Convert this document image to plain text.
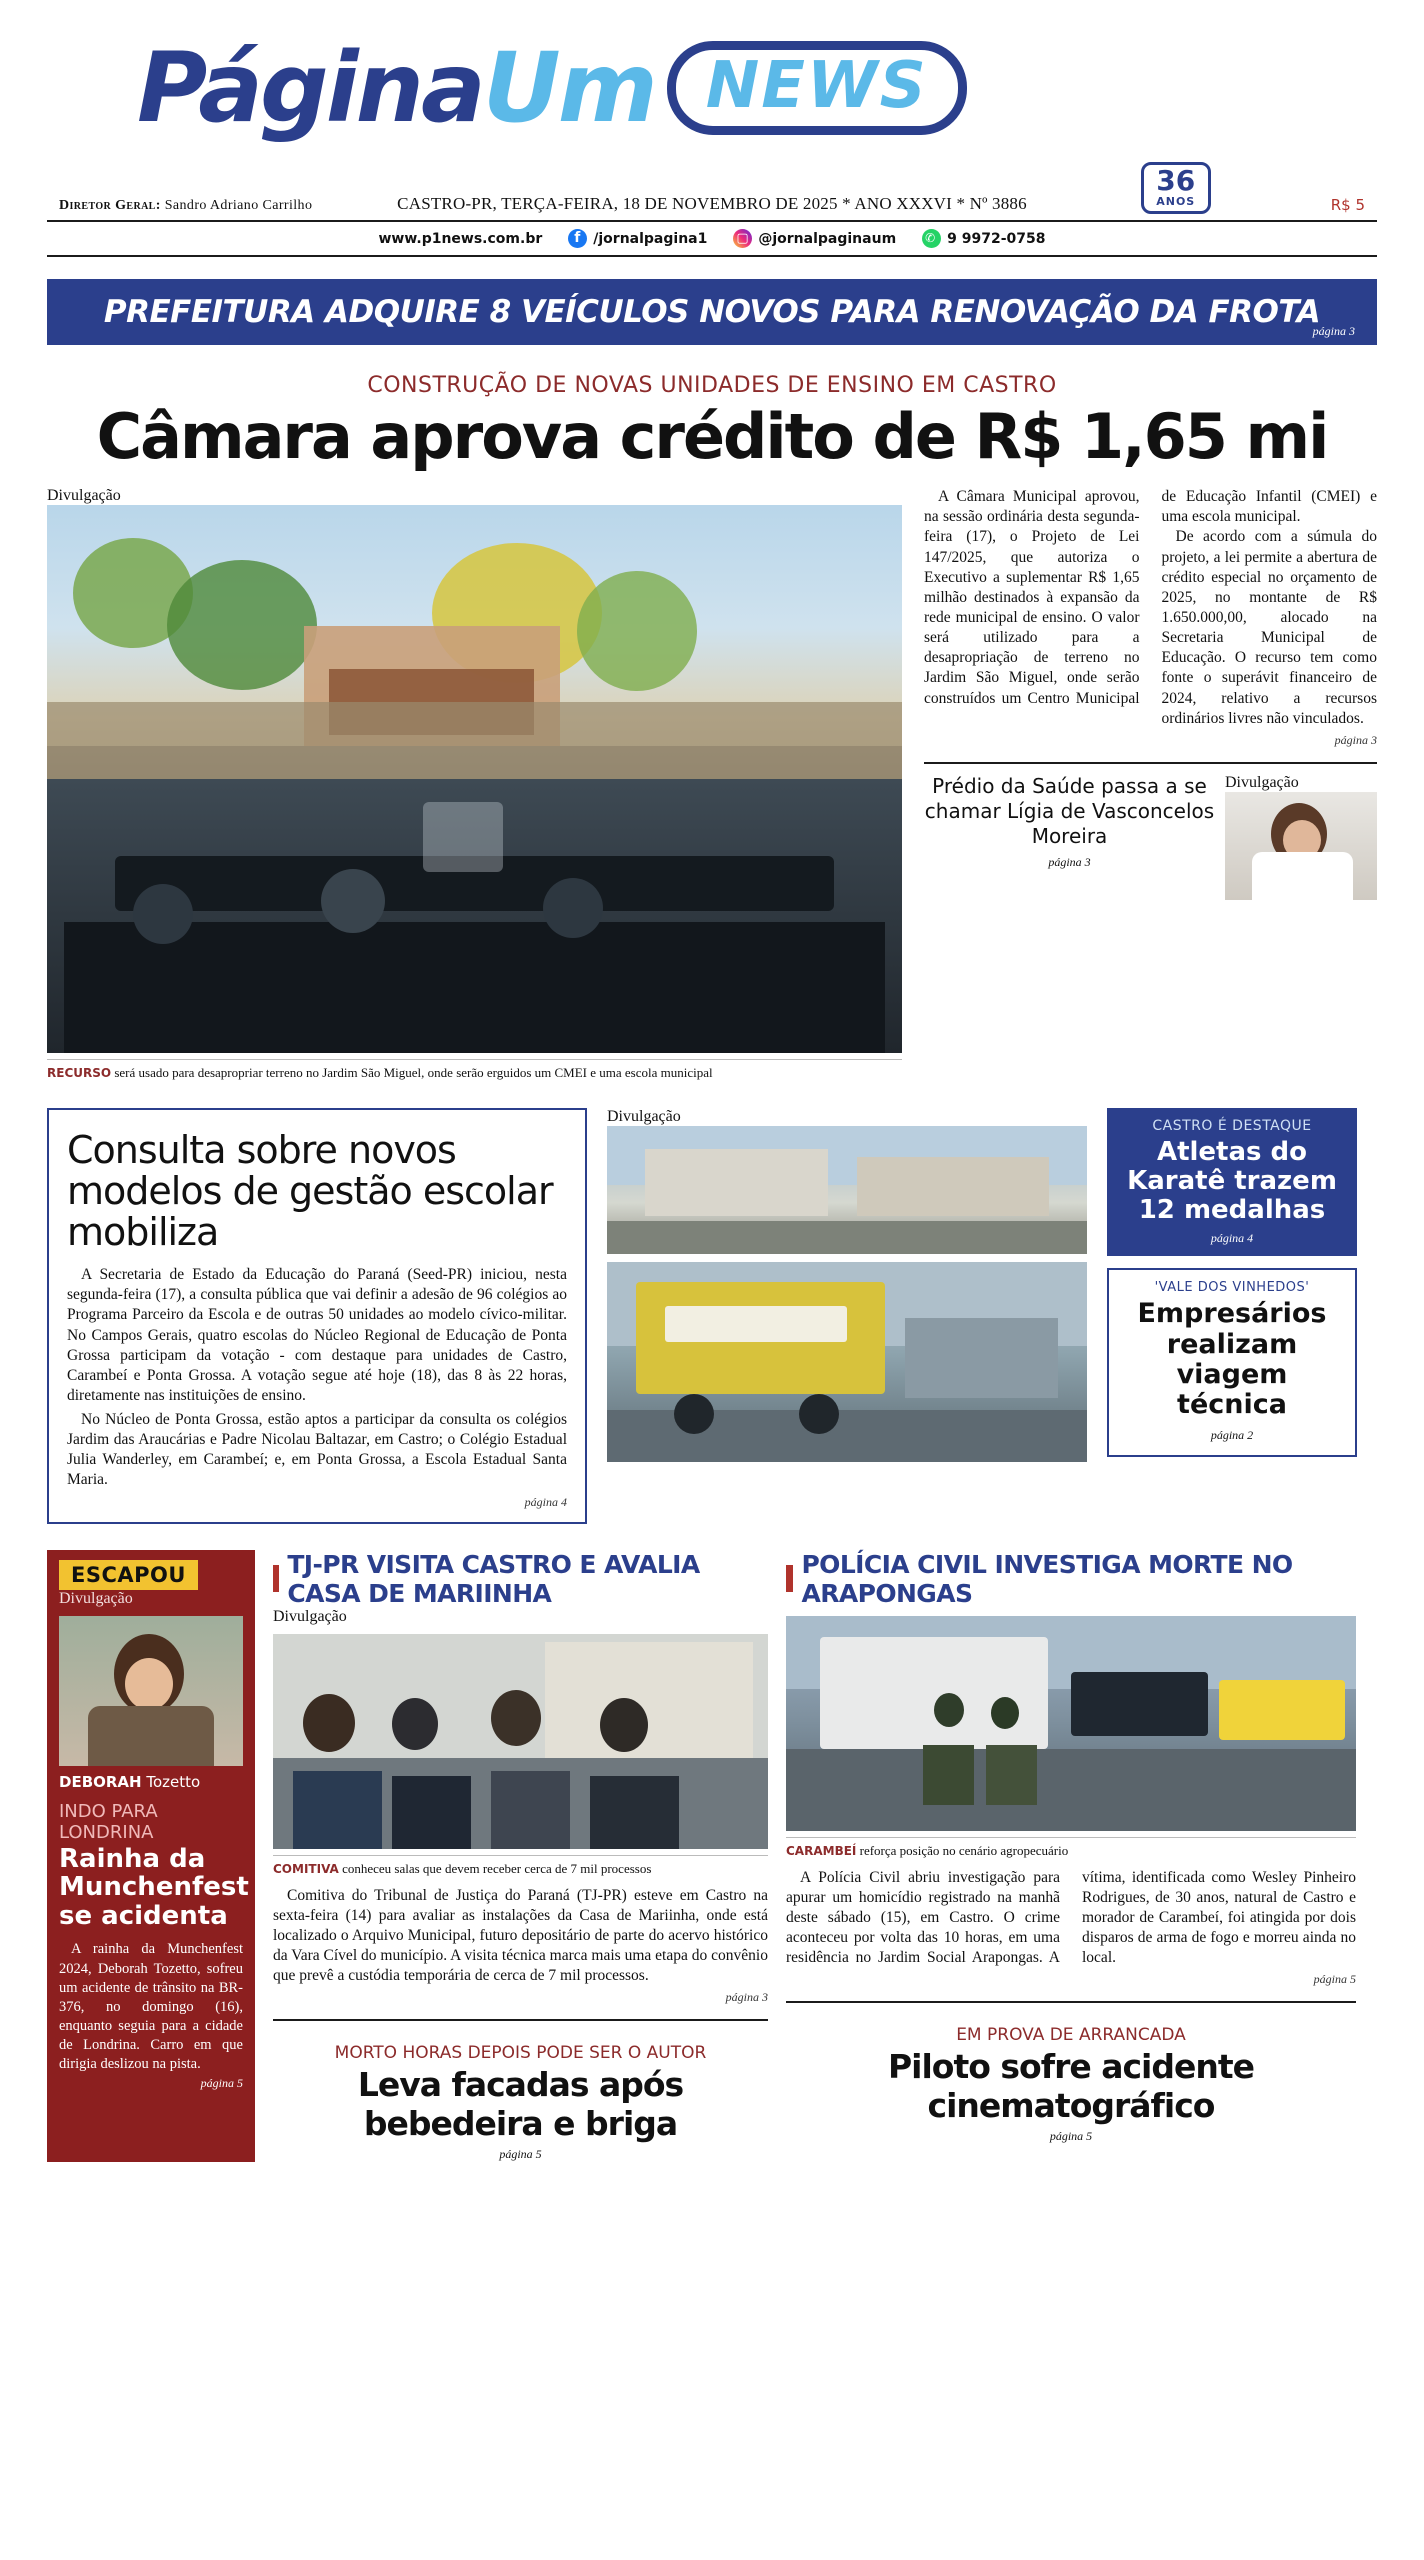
PáginaUm NEWS
Diretor Geral: Sandro Adriano Carrilho	CASTRO-PR, TERÇA-FEIRA, 18 DE NOVEMBRO DE 2025 * ANO XXXVI * Nº 3886
36
ANOS	R$ 5
www.p1news.com.br f	/jornalpagina1 ▢	@jornalpaginaum ✆	9 9972-0758
PREFEITURA ADQUIRE 8 VEÍCULOS NOVOS PARA RENOVAÇÃO DA FROTA
página 3
CONSTRUÇÃO DE NOVAS UNIDADES DE ENSINO EM CASTRO
Câmara aprova crédito de R$ 1,65 mi
Divulgação
RECURSO será usado para desapropriar terreno no Jardim São Miguel, onde serão erguidos um CMEI e uma escola municipal

A Câmara Municipal aprovou, na sessão ordinária desta segunda-feira (17), o Projeto de Lei 147/2025, que autoriza o Executivo a suplementar R$ 1,65 milhão destinados à expansão da rede municipal de ensino. O valor será utilizado para a desapropriação de terreno no Jardim São Miguel, onde serão construídos um Centro Municipal de Educação Infantil (CMEI) e uma escola municipal.

De acordo com a súmula do projeto, a lei permite a abertura de crédito especial no orçamento de 2025, no montante de R$ 1.650.000,00, alocado na Secretaria Municipal de Educação. O recurso tem como fonte o superávit financeiro de 2024, relativo a recursos ordinários livres não vinculados.

página 3
Prédio da Saúde passa a se chamar Lígia de Vasconcelos Moreira
página 3
Divulgação
Consulta sobre novos modelos de gestão escolar mobiliza

A Secretaria de Estado da Educação do Paraná (Seed-PR) iniciou, nesta segunda-feira (17), a consulta pública que vai definir a adesão de 96 colégios ao Programa Parceiro da Escola e de outras 50 unidades ao modelo cívico-militar. No Campos Gerais, quatro escolas do Núcleo Regional de Educação de Ponta Grossa participam da votação - com destaque para unidades de Castro, Carambeí e Ponta Grossa. A votação segue até hoje (18), das 8 às 22 horas, diretamente nas instituições de ensino.

No Núcleo de Ponta Grossa, estão aptos a participar da consulta os colégios Jardim das Araucárias e Padre Nicolau Baltazar, em Castro; o Colégio Estadual Julia Wanderley, em Carambeí; e, em Ponta Grossa, a Escola Estadual Santa Maria.

página 4
Divulgação
CASTRO É DESTAQUE
Atletas do Karatê trazem 12 medalhas
página 4
'VALE DOS VINHEDOS'
Empresários realizam viagem técnica
página 2
ESCAPOU
Divulgação
DEBORAH Tozetto
INDO PARA LONDRINA
Rainha da Munchenfest se acidenta

A rainha da Munchenfest 2024, Deborah Tozetto, sofreu um acidente de trânsito na BR-376, no domingo (16), enquanto seguia para a cidade de Londrina. Carro em que dirigia deslizou na pista.

página 5
TJ-PR VISITA CASTRO E AVALIA CASA DE MARIINHA
Divulgação
COMITIVA conheceu salas que devem receber cerca de 7 mil processos

Comitiva do Tribunal de Justiça do Paraná (TJ-PR) esteve em Castro na sexta-feira (14) para avaliar as instalações da Casa de Mariinha, onde está localizado o Arquivo Municipal, futuro depositário de parte do acervo histórico da Vara Cível do município. A visita técnica marca mais uma etapa do convênio que prevê a custódia temporária de cerca de 7 mil processos.

página 3
MORTO HORAS DEPOIS PODE SER O AUTOR
Leva facadas após bebedeira e briga
página 5
POLÍCIA CIVIL INVESTIGA MORTE NO ARAPONGAS
CARAMBEÍ reforça posição no cenário agropecuário

A Polícia Civil abriu investigação para apurar um homicídio registrado na manhã deste sábado (15), em Castro. O crime aconteceu por volta das 10 horas, em uma residência no Jardim Social Arapongas. A vítima, identificada como Wesley Pinheiro Rodrigues, de 30 anos, natural de Castro e morador de Carambeí, foi atingida por dois disparos de arma de fogo e morreu ainda no local.

página 5
EM PROVA DE ARRANCADA
Piloto sofre acidente cinematográfico
página 5
